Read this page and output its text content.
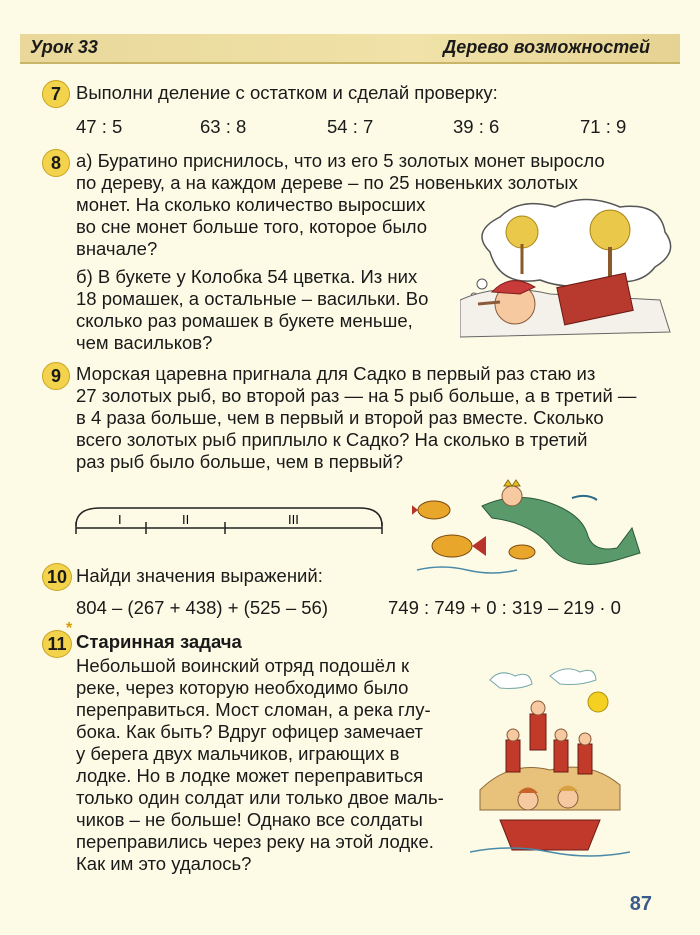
Урок 33	Дерево возможностей
7 Выполни деление с остатком и сделай проверку:
47 : 5	63 : 8	54 : 7	39 : 6	71 : 9
8 а) Буратино приснилось, что из его 5 золотых монет выросло
по дереву, а на каждом дереве – по 25 новеньких золотых
монет. На сколько количество выросших
во сне монет больше того, которое было
вначале?
б) В букете у Колобка 54 цветка. Из них
18 ромашек, а остальные – васильки. Во
сколько раз ромашек в букете меньше,
чем васильков?
9 Морская царевна пригнала для Садко в первый раз стаю из
27 золотых рыб, во второй раз — на 5 рыб больше, а в третий —
в 4 раза больше, чем в первый и второй раз вместе. Сколько
всего золотых рыб приплыло к Садко? На сколько в третий
раз рыб было больше, чем в первый?
I	II	III
10 Найди значения выражений:
804 – (267 + 438) + (525 – 56)	749 : 749 + 0 : 319 – 219 · 0
11
*
Старинная задача
Небольшой воинский отряд подошёл к
реке, через которую необходимо было
переправиться. Мост сломан, а река глу-
бока. Как быть? Вдруг офицер замечает
у берега двух мальчиков, играющих в
лодке. Но в лодке может переправиться
только один солдат или только двое маль-
чиков – не больше! Однако все солдаты
переправились через реку на этой лодке.
Как им это удалось?
87
